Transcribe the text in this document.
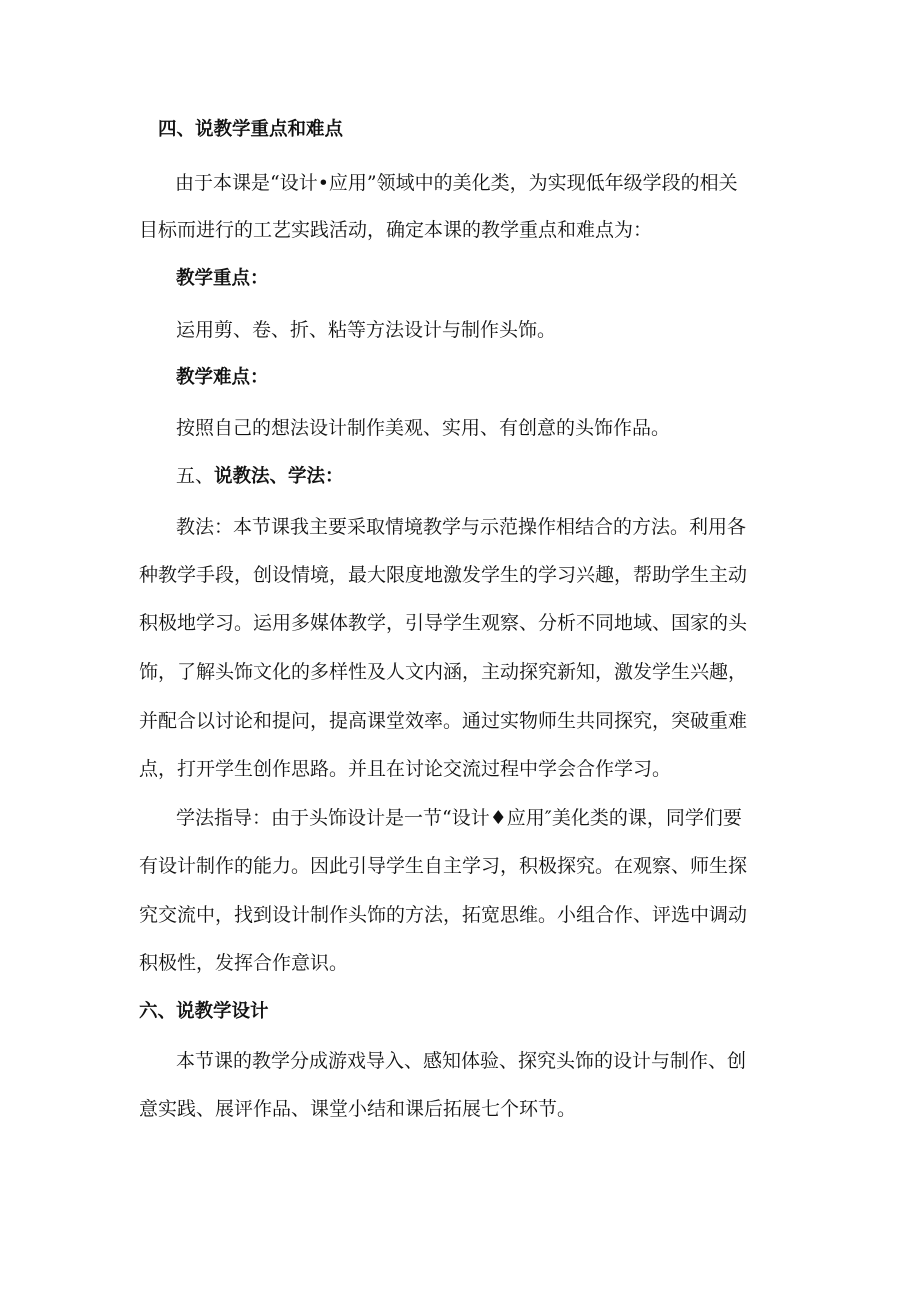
四、说教学重点和难点
由于本课是“设计•应用”领域中的美化类，为实现低年级学段的相关
目标而进行的工艺实践活动，确定本课的教学重点和难点为：
教学重点：
运用剪、卷、折、粘等方法设计与制作头饰。
教学难点：
按照自己的想法设计制作美观、实用、有创意的头饰作品。
五、说教法、学法：
教法：本节课我主要采取情境教学与示范操作相结合的方法。利用各
种教学手段，创设情境，最大限度地激发学生的学习兴趣，帮助学生主动
积极地学习。运用多媒体教学，引导学生观察、分析不同地域、国家的头
饰，了解头饰文化的多样性及人文内涵，主动探究新知，激发学生兴趣，
并配合以讨论和提问，提高课堂效率。通过实物师生共同探究，突破重难
点，打开学生创作思路。并且在讨论交流过程中学会合作学习。
学法指导：由于头饰设计是一节“设计♦应用″美化类的课，同学们要
有设计制作的能力。因此引导学生自主学习，积极探究。在观察、师生探
究交流中，找到设计制作头饰的方法，拓宽思维。小组合作、评选中调动
积极性，发挥合作意识。
六、说教学设计
本节课的教学分成游戏导入、感知体验、探究头饰的设计与制作、创
意实践、展评作品、课堂小结和课后拓展七个环节。
